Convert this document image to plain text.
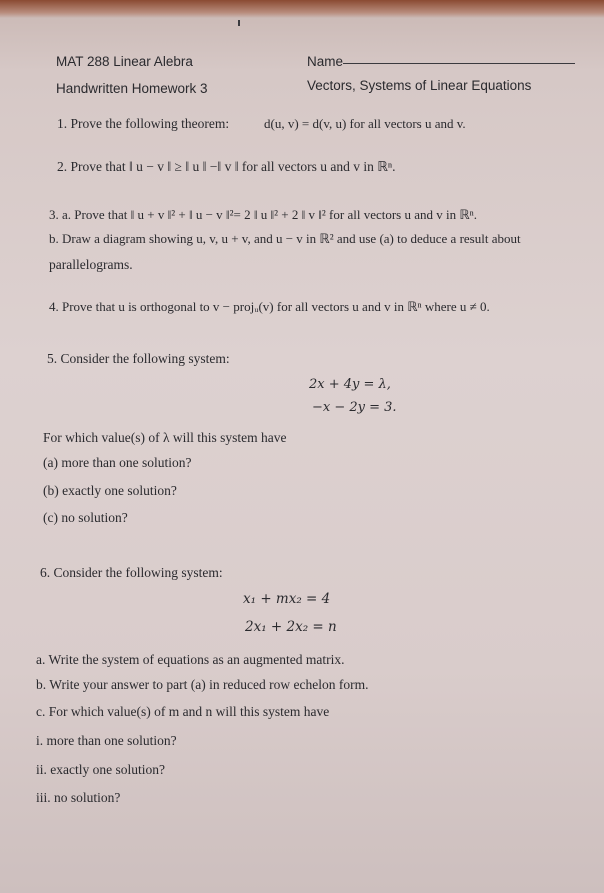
MAT 288 Linear Alebra	Name
Handwritten Homework 3	Vectors, Systems of Linear Equations
1. Prove the following theorem:	d(u, v) = d(v, u) for all vectors u and v.
2. Prove that ‖ u − v ‖ ≥ ‖ u ‖ −‖ v ‖ for all vectors u and v in ℝⁿ.
3. a. Prove that ‖ u + v ‖² + ‖ u − v ‖²= 2 ‖ u ‖² + 2 ‖ v ‖² for all vectors u and v in ℝⁿ.
b. Draw a diagram showing u, v, u + v, and u − v in ℝ² and use (a) to deduce a result about
parallelograms.
4. Prove that u is orthogonal to v − projᵤ(v) for all vectors u and v in ℝⁿ where u ≠ 0.
5. Consider the following system:
2x + 4y = λ,
−x − 2y = 3.
For which value(s) of λ will this system have
(a) more than one solution?
(b) exactly one solution?
(c) no solution?
6. Consider the following system:
x₁ + mx₂ = 4
2x₁ + 2x₂ = n
a. Write the system of equations as an augmented matrix.
b. Write your answer to part (a) in reduced row echelon form.
c. For which value(s) of m and n will this system have
i. more than one solution?
ii. exactly one solution?
iii. no solution?
